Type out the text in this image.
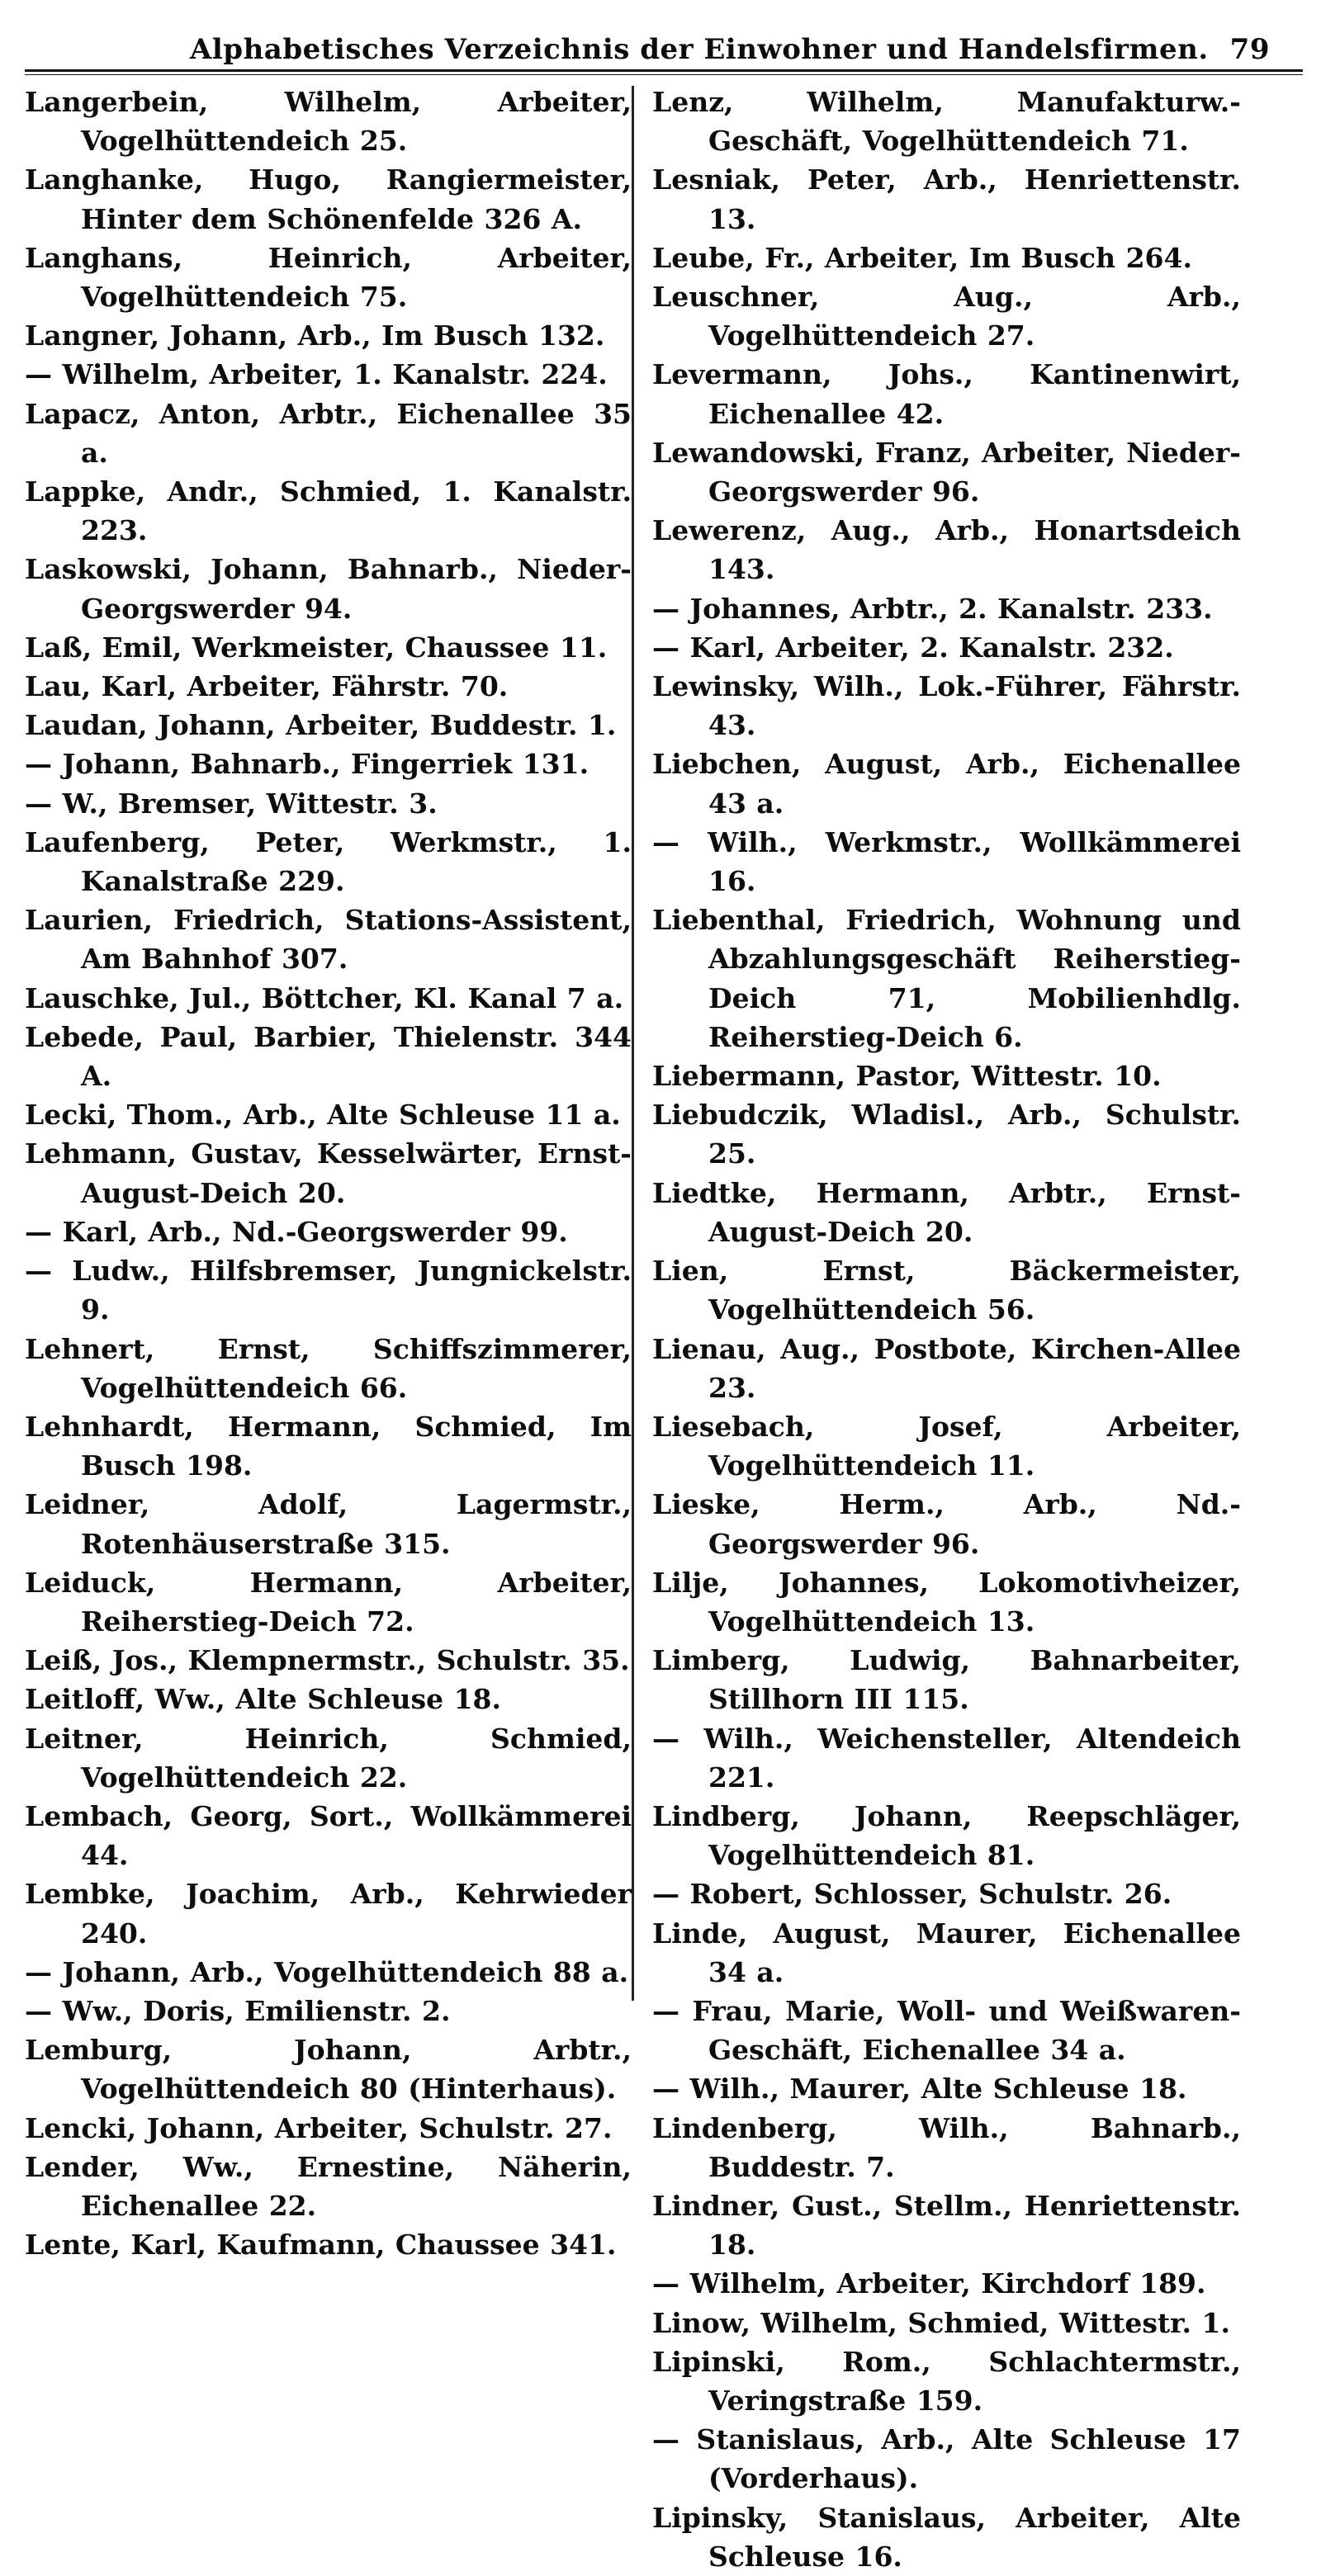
Alphabetisches Verzeichnis der Einwohner und Handelsfirmen. 79
Langerbein, Wilhelm, Arbeiter, Vogelhüttendeich 25.
Langhanke, Hugo, Rangiermeister, Hinter dem Schönenfelde 326 A.
Langhans, Heinrich, Arbeiter, Vogelhüttendeich 75.
Langner, Johann, Arb., Im Busch 132.
— Wilhelm, Arbeiter, 1. Kanalstr. 224.
Lapacz, Anton, Arbtr., Eichenallee 35 a.
Lappke, Andr., Schmied, 1. Kanalstr. 223.
Laskowski, Johann, Bahnarb., Nieder-Georgswerder 94.
Laß, Emil, Werkmeister, Chaussee 11.
Lau, Karl, Arbeiter, Fährstr. 70.
Laudan, Johann, Arbeiter, Buddestr. 1.
— Johann, Bahnarb., Fingerriek 131.
— W., Bremser, Wittestr. 3.
Laufenberg, Peter, Werkmstr., 1. Kanalstraße 229.
Laurien, Friedrich, Stations-Assistent, Am Bahnhof 307.
Lauschke, Jul., Böttcher, Kl. Kanal 7 a.
Lebede, Paul, Barbier, Thielenstr. 344 A.
Lecki, Thom., Arb., Alte Schleuse 11 a.
Lehmann, Gustav, Kesselwärter, Ernst-August-Deich 20.
— Karl, Arb., Nd.-Georgswerder 99.
— Ludw., Hilfsbremser, Jungnickelstr. 9.
Lehnert, Ernst, Schiffszimmerer, Vogelhüttendeich 66.
Lehnhardt, Hermann, Schmied, Im Busch 198.
Leidner, Adolf, Lagermstr., Rotenhäuserstraße 315.
Leiduck, Hermann, Arbeiter, Reiherstieg-Deich 72.
Leiß, Jos., Klempnermstr., Schulstr. 35.
Leitloff, Ww., Alte Schleuse 18.
Leitner, Heinrich, Schmied, Vogelhüttendeich 22.
Lembach, Georg, Sort., Wollkämmerei 44.
Lembke, Joachim, Arb., Kehrwieder 240.
— Johann, Arb., Vogelhüttendeich 88 a.
— Ww., Doris, Emilienstr. 2.
Lemburg, Johann, Arbtr., Vogelhüttendeich 80 (Hinterhaus).
Lencki, Johann, Arbeiter, Schulstr. 27.
Lender, Ww., Ernestine, Näherin, Eichenallee 22.
Lente, Karl, Kaufmann, Chaussee 341.
Lenz, Wilhelm, Manufakturw.-Geschäft, Vogelhüttendeich 71.
Lesniak, Peter, Arb., Henriettenstr. 13.
Leube, Fr., Arbeiter, Im Busch 264.
Leuschner, Aug., Arb., Vogelhüttendeich 27.
Levermann, Johs., Kantinenwirt, Eichenallee 42.
Lewandowski, Franz, Arbeiter, Nieder-Georgswerder 96.
Lewerenz, Aug., Arb., Honartsdeich 143.
— Johannes, Arbtr., 2. Kanalstr. 233.
— Karl, Arbeiter, 2. Kanalstr. 232.
Lewinsky, Wilh., Lok.-Führer, Fährstr. 43.
Liebchen, August, Arb., Eichenallee 43 a.
— Wilh., Werkmstr., Wollkämmerei 16.
Liebenthal, Friedrich, Wohnung und Abzahlungsgeschäft Reiherstieg-Deich 71, Mobilienhdlg. Reiherstieg-Deich 6.
Liebermann, Pastor, Wittestr. 10.
Liebudczik, Wladisl., Arb., Schulstr. 25.
Liedtke, Hermann, Arbtr., Ernst-August-Deich 20.
Lien, Ernst, Bäckermeister, Vogelhüttendeich 56.
Lienau, Aug., Postbote, Kirchen-Allee 23.
Liesebach, Josef, Arbeiter, Vogelhüttendeich 11.
Lieske, Herm., Arb., Nd.-Georgswerder 96.
Lilje, Johannes, Lokomotivheizer, Vogelhüttendeich 13.
Limberg, Ludwig, Bahnarbeiter, Stillhorn III 115.
— Wilh., Weichensteller, Altendeich 221.
Lindberg, Johann, Reepschläger, Vogelhüttendeich 81.
— Robert, Schlosser, Schulstr. 26.
Linde, August, Maurer, Eichenallee 34 a.
— Frau, Marie, Woll- und Weißwaren-Geschäft, Eichenallee 34 a.
— Wilh., Maurer, Alte Schleuse 18.
Lindenberg, Wilh., Bahnarb., Buddestr. 7.
Lindner, Gust., Stellm., Henriettenstr. 18.
— Wilhelm, Arbeiter, Kirchdorf 189.
Linow, Wilhelm, Schmied, Wittestr. 1.
Lipinski, Rom., Schlachtermstr., Veringstraße 159.
— Stanislaus, Arb., Alte Schleuse 17 (Vorderhaus).
Lipinsky, Stanislaus, Arbeiter, Alte Schleuse 16.
